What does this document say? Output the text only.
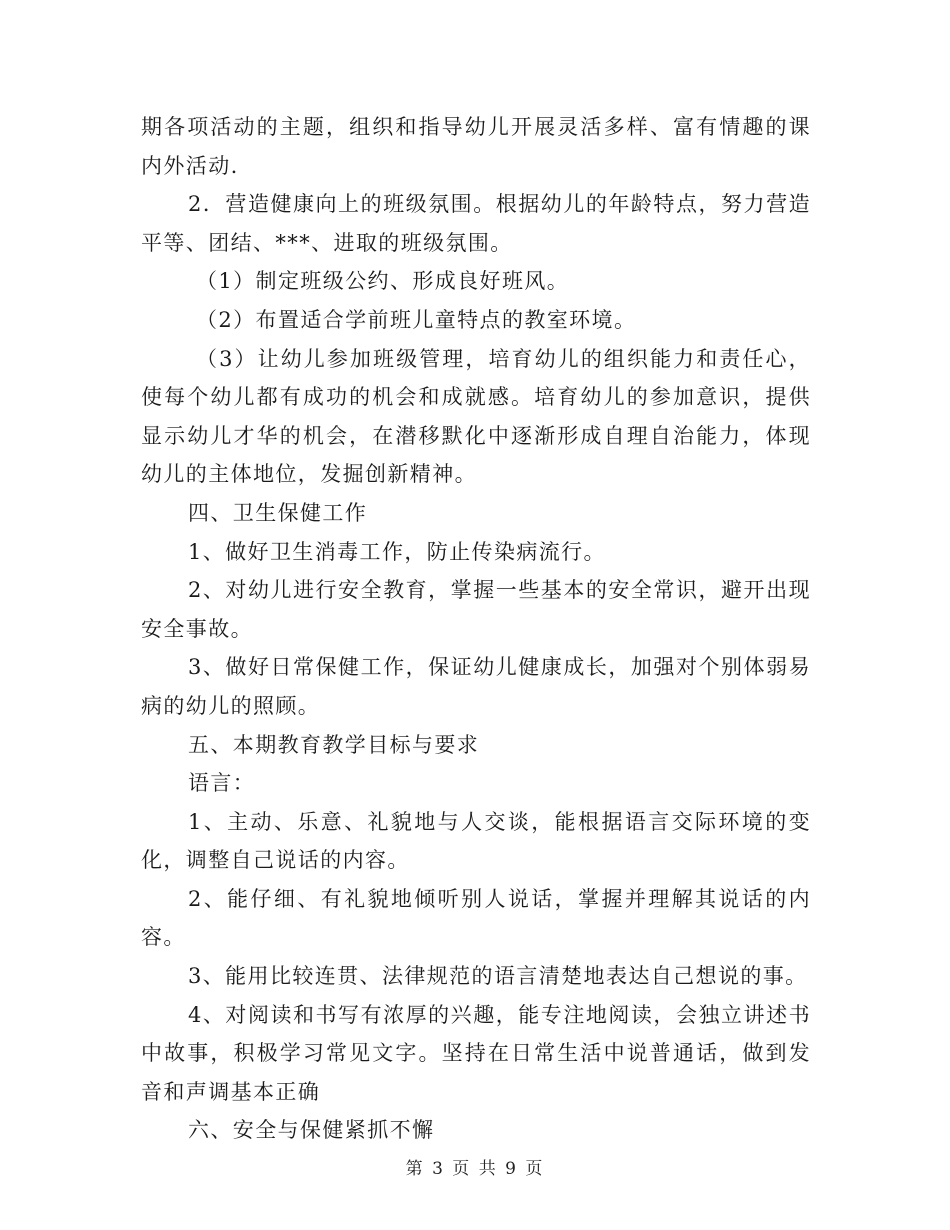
期各项活动的主题，组织和指导幼儿开展灵活多样、富有情趣的课内外活动.

2．营造健康向上的班级氛围。根据幼儿的年龄特点，努力营造平等、团结、***、进取的班级氛围。

（1）制定班级公约、形成良好班风。

（2）布置适合学前班儿童特点的教室环境。

（3）让幼儿参加班级管理，培育幼儿的组织能力和责任心，使每个幼儿都有成功的机会和成就感。培育幼儿的参加意识，提供显示幼儿才华的机会，在潜移默化中逐渐形成自理自治能力，体现幼儿的主体地位，发掘创新精神。

四、卫生保健工作

1、做好卫生消毒工作，防止传染病流行。

2、对幼儿进行安全教育，掌握一些基本的安全常识，避开出现安全事故。

3、做好日常保健工作，保证幼儿健康成长，加强对个别体弱易病的幼儿的照顾。

五、本期教育教学目标与要求

语言：

1、主动、乐意、礼貌地与人交谈，能根据语言交际环境的变化，调整自己说话的内容。

2、能仔细、有礼貌地倾听别人说话，掌握并理解其说话的内容。

3、能用比较连贯、法律规范的语言清楚地表达自己想说的事。

4、对阅读和书写有浓厚的兴趣，能专注地阅读，会独立讲述书中故事，积极学习常见文字。坚持在日常生活中说普通话，做到发音和声调基本正确

六、安全与保健紧抓不懈

第 3 页 共 9 页
